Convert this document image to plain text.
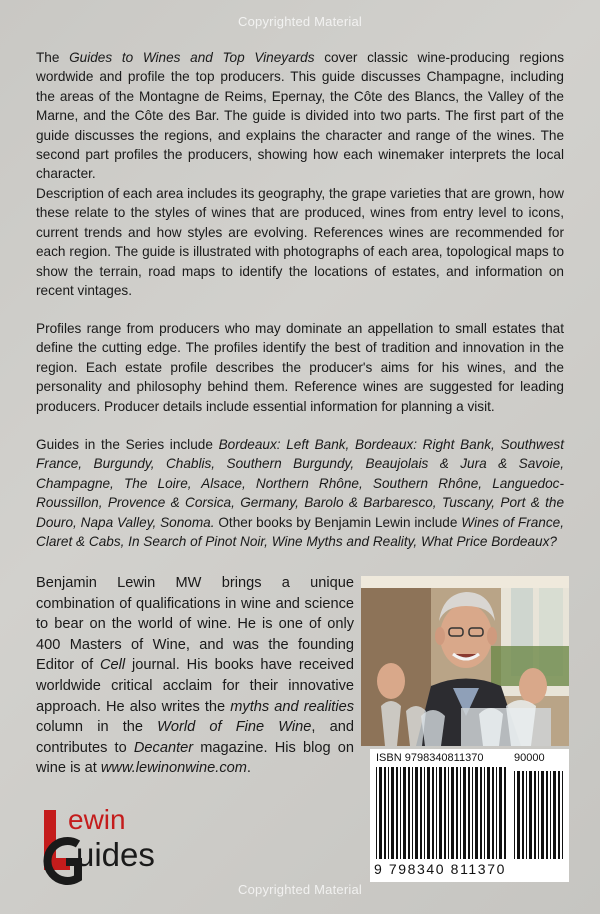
Copyrighted Material

The Guides to Wines and Top Vineyards cover classic wine-producing regions wordwide and profile the top producers. This guide discusses Champagne, including the areas of the Montagne de Reims, Epernay, the Côte des Blancs, the Valley of the Marne, and the Côte des Bar. The guide is divided into two parts. The first part of the guide discusses the regions, and explains the character and range of the wines. The second part profiles the producers, showing how each winemaker interprets the local character.

Description of each area includes its geography, the grape varieties that are grown, how these relate to the styles of wines that are produced, wines from entry level to icons, current trends and how styles are evolving. References wines are recommended for each region. The guide is illustrated with photographs of each area, topological maps to show the terrain, road maps to identify the locations of estates, and information on recent vintages.

Profiles range from producers who may dominate an appellation to small estates that define the cutting edge. The profiles identify the best of tradition and innovation in the region. Each estate profile describes the producer's aims for his wines, and the personality and philosophy behind them. Reference wines are suggested for leading producers. Producer details include essential information for planning a visit.

Guides in the Series include Bordeaux: Left Bank, Bordeaux: Right Bank, Southwest France, Burgundy, Chablis, Southern Burgundy, Beaujolais & Jura & Savoie, Champagne, The Loire, Alsace, Northern Rhône, Southern Rhône, Languedoc-Roussillon, Provence & Corsica, Germany, Barolo & Barbaresco, Tuscany, Port & the Douro, Napa Valley, Sonoma. Other books by Benjamin Lewin include Wines of France, Claret & Cabs, In Search of Pinot Noir, Wine Myths and Reality, What Price Bordeaux?

Benjamin Lewin MW brings a unique combination of qualifications in wine and science to bear on the world of wine. He is one of only 400 Masters of Wine, and was the founding Editor of Cell journal. His books have received worldwide critical acclaim for their innovative approach. He also writes the myths and realities column in the World of Fine Wine, and contributes to Decanter magazine. His blog on wine is at www.lewinonwine.com.

ISBN 9798340811370	90000
9 798340 811370
ewin
uides
Copyrighted Material
